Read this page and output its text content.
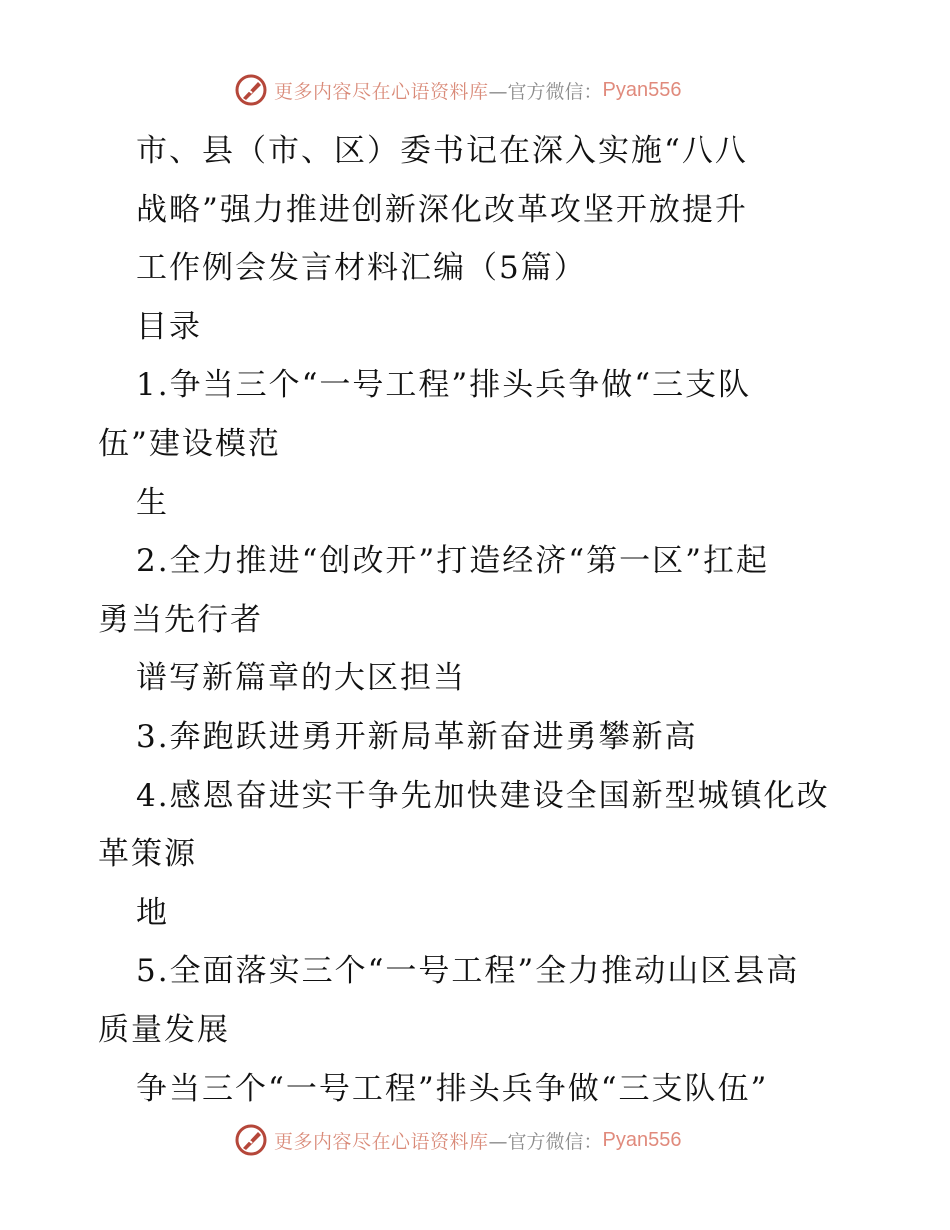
更多内容尽在心语资料库 —官方微信： Pyan556
市、县（市、区）委书记在深入实施“八八
战略”强力推进创新深化改革攻坚开放提升
工作例会发言材料汇编（5篇）
目录
1.争当三个“一号工程”排头兵争做“三支队
伍”建设模范
生
2.全力推进“创改开”打造经济“第一区”扛起
勇当先行者
谱写新篇章的大区担当
3.奔跑跃进勇开新局革新奋进勇攀新高
4.感恩奋进实干争先加快建设全国新型城镇化改
革策源
地
5.全面落实三个“一号工程”全力推动山区县高
质量发展
争当三个“一号工程”排头兵争做“三支队伍”
更多内容尽在心语资料库 —官方微信： Pyan556
